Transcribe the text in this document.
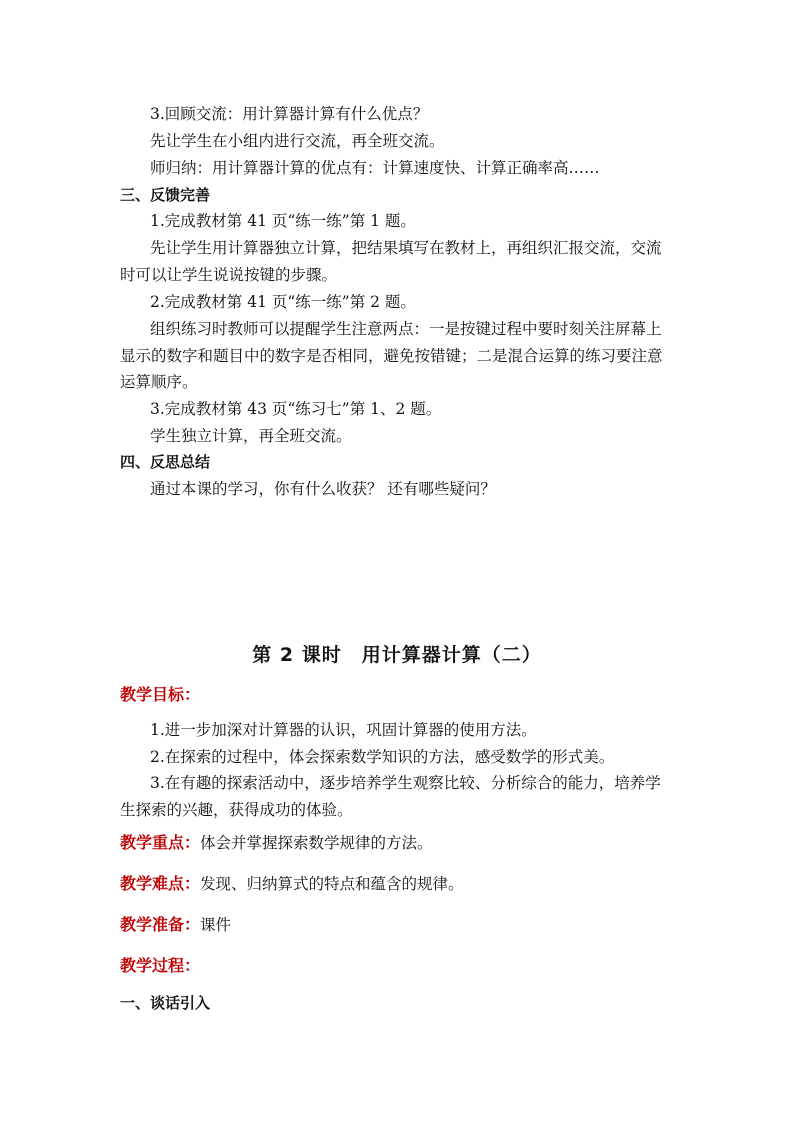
3.回顾交流：用计算器计算有什么优点？
先让学生在小组内进行交流，再全班交流。
师归纳：用计算器计算的优点有：计算速度快、计算正确率高……
三、反馈完善
1.完成教材第 41 页“练一练”第 1 题。
先让学生用计算器独立计算，把结果填写在教材上，再组织汇报交流，交流
时可以让学生说说按键的步骤。
2.完成教材第 41 页“练一练”第 2 题。
组织练习时教师可以提醒学生注意两点：一是按键过程中要时刻关注屏幕上
显示的数字和题目中的数字是否相同，避免按错键；二是混合运算的练习要注意
运算顺序。
3.完成教材第 43 页“练习七”第 1、2 题。
学生独立计算，再全班交流。
四、反思总结
通过本课的学习，你有什么收获？ 还有哪些疑问？
第 2 课时　用计算器计算（二）
教学目标：
1.进一步加深对计算器的认识，巩固计算器的使用方法。
2.在探索的过程中，体会探索数学知识的方法，感受数学的形式美。
3.在有趣的探索活动中，逐步培养学生观察比较、分析综合的能力，培养学
生探索的兴趣，获得成功的体验。
教学重点：体会并掌握探索数学规律的方法。
教学难点：发现、归纳算式的特点和蕴含的规律。
教学准备：课件
教学过程：
一、谈话引入
